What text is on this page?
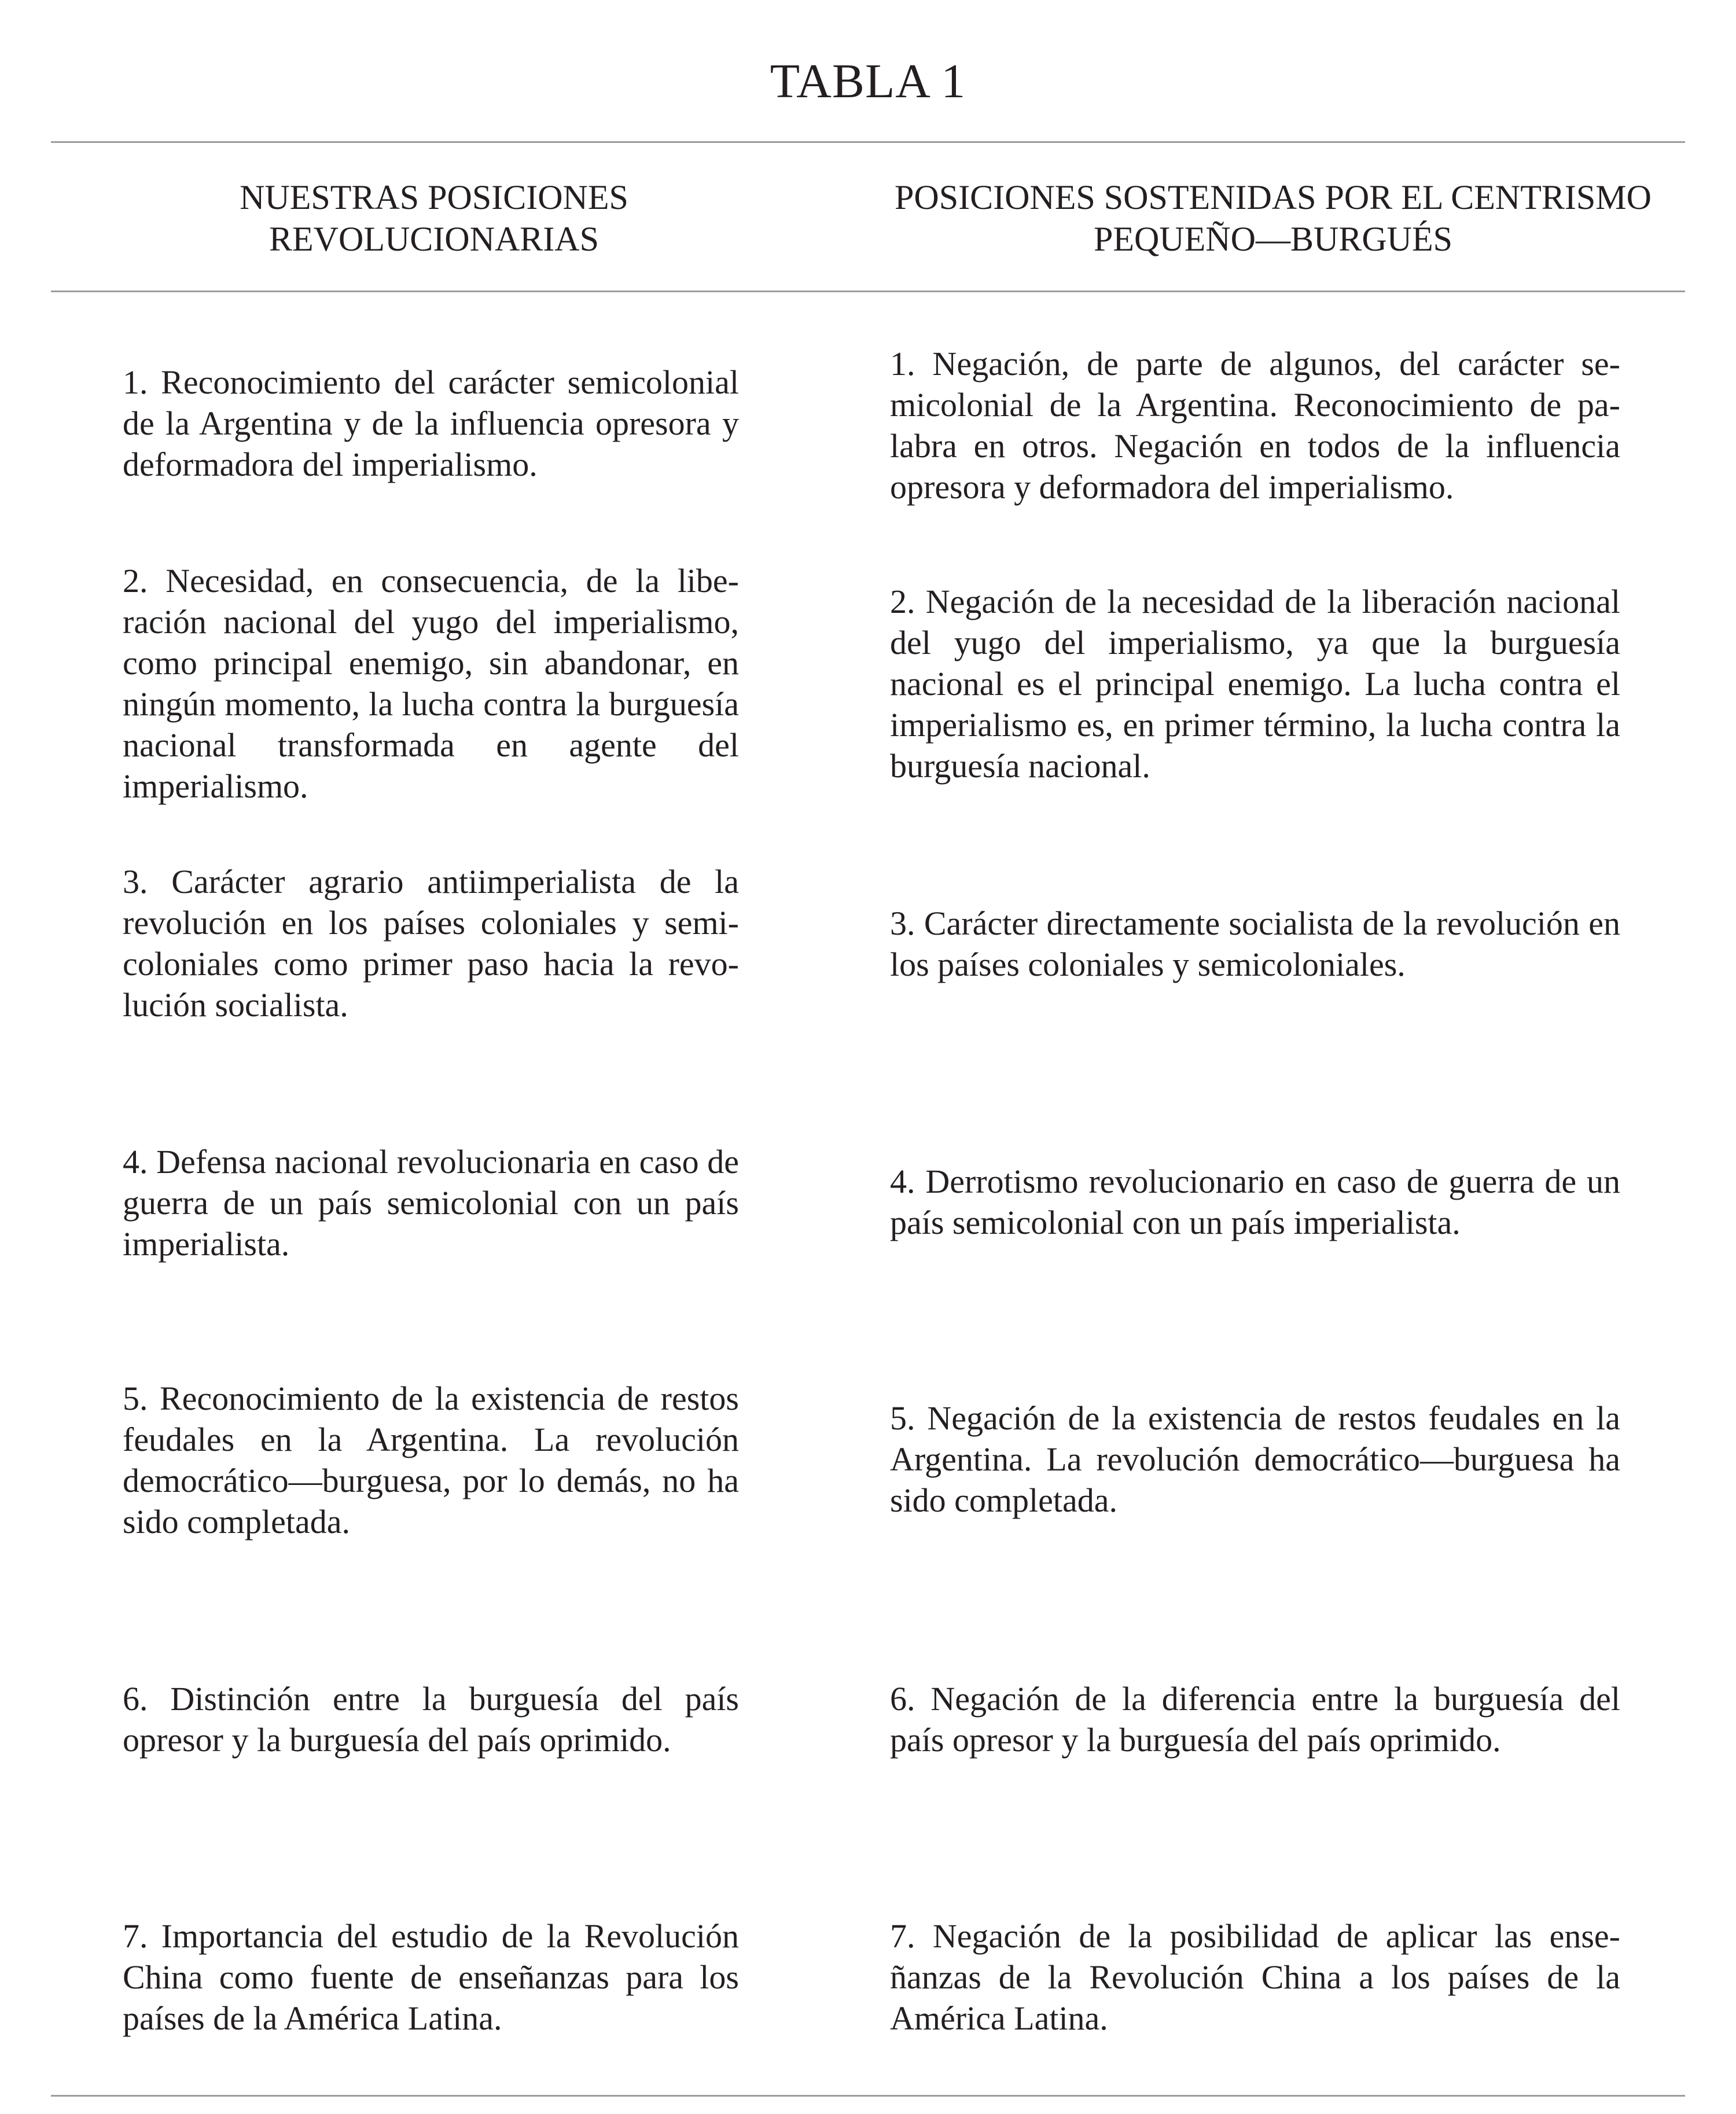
TABLA 1
NUESTRAS POSICIONES
REVOLUCIONARIAS
POSICIONES SOSTENIDAS POR EL CENTRISMO
PEQUEÑO—BURGUÉS
1. Reconocimiento del carácter semicolonial de la Argentina y de la influencia opresora y deformadora del imperialismo.
2. Necesidad, en consecuencia, de la liberación nacional del yugo del imperialismo, como principal enemigo, sin abandonar, en ningún momento, la lucha contra la burguesía nacional transformada en agente del imperialismo.
3. Carácter agrario antiimperialista de la revolución en los países coloniales y semicoloniales como primer paso hacia la revolución socialista.
4. Defensa nacional revolucionaria en caso de guerra de un país semicolonial con un país imperialista.
5. Reconocimiento de la existencia de restos feudales en la Argentina. La revolución democrático—burguesa, por lo demás, no ha sido completada.
6. Distinción entre la burguesía del país opresor y la burguesía del país oprimido.
7. Importancia del estudio de la Revolución China como fuente de enseñanzas para los países de la América Latina.
1. Negación, de parte de algunos, del carácter semicolonial de la Argentina. Reconocimiento de palabra en otros. Negación en todos de la influencia opresora y deformadora del imperialismo.
2. Negación de la necesidad de la liberación nacional del yugo del imperialismo, ya que la burguesía nacional es el principal enemigo. La lucha contra el imperialismo es, en primer término, la lucha contra la burguesía nacional.
3. Carácter directamente socialista de la revolución en los países coloniales y semicoloniales.
4. Derrotismo revolucionario en caso de guerra de un país semicolonial con un país imperialista.
5. Negación de la existencia de restos feudales en la Argentina. La revolución democrático—burguesa ha sido completada.
6. Negación de la diferencia entre la burguesía del país opresor y la burguesía del país oprimido.
7. Negación de la posibilidad de aplicar las enseñanzas de la Revolución China a los países de la América Latina.
